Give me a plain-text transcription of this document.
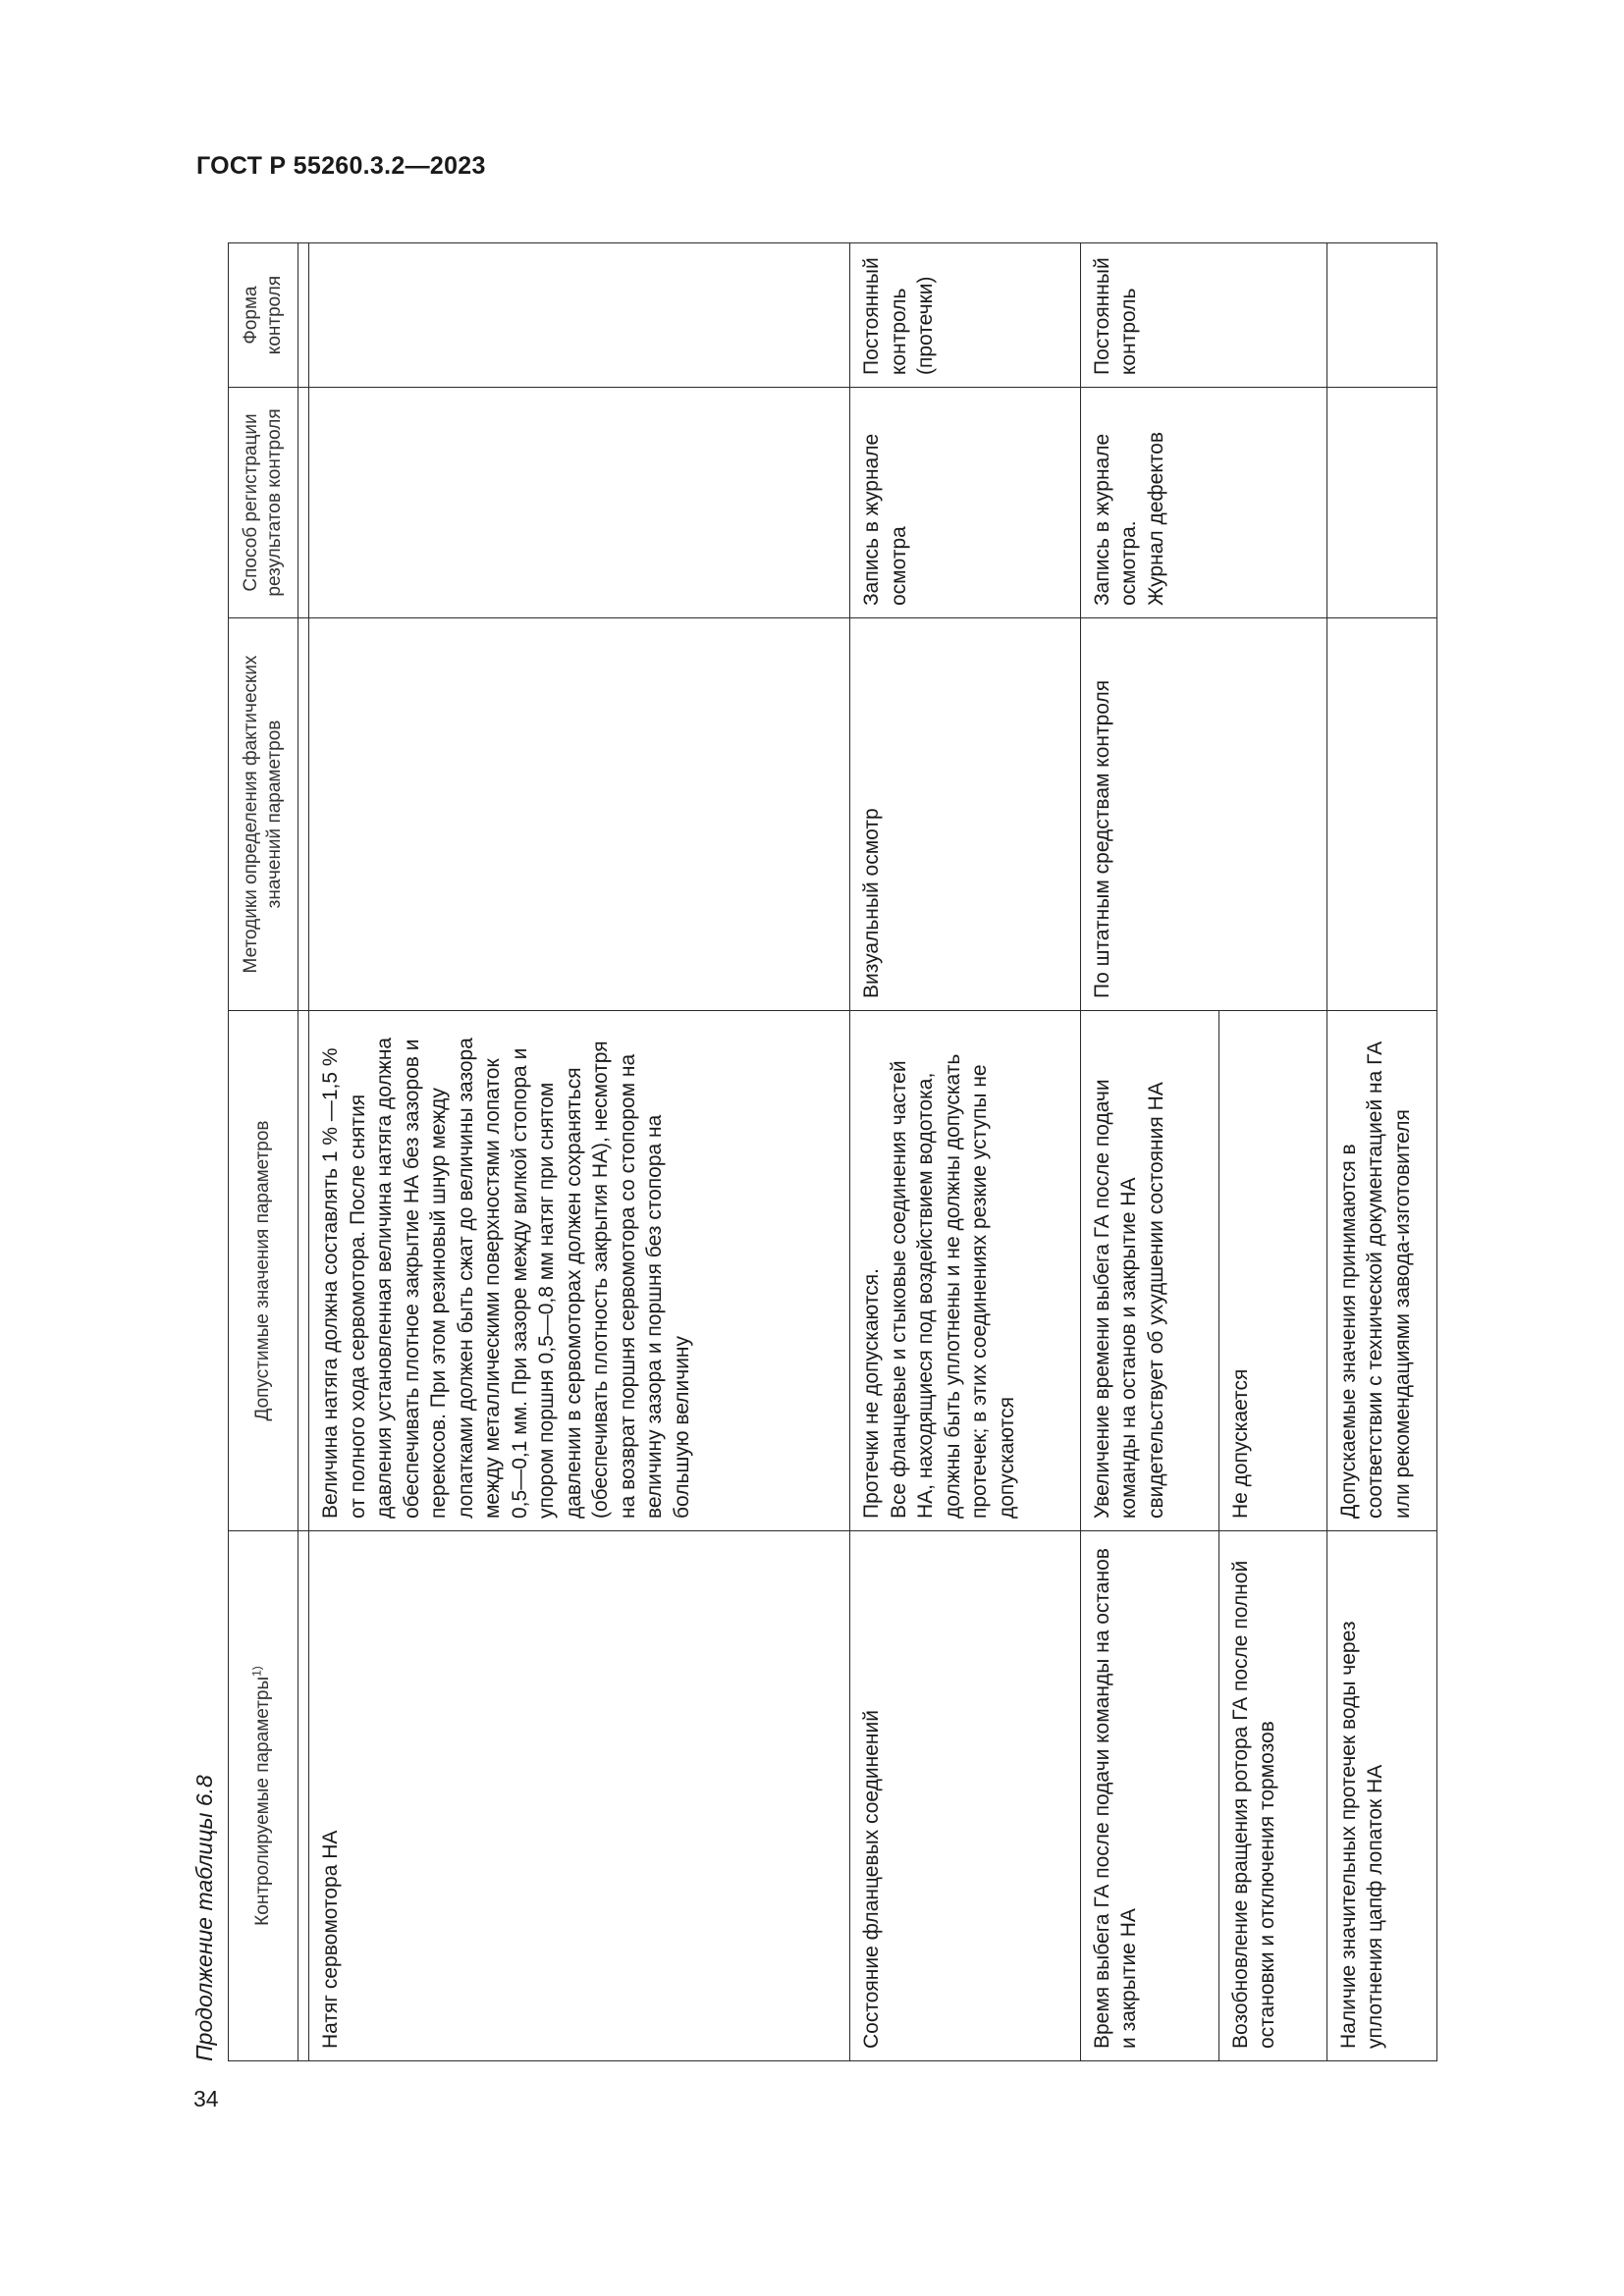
ГОСТ Р 55260.3.2—2023
34
Продолжение таблицы 6.8 Контролируемые параметры$^{1)}$	Допустимые значения параметров	Методики определения фактических значений параметров	Способ регистрации результатов контроля	Форма контроля

Натяг сервомотора НА	Величина натяга должна составлять 1 % —1,5 % от полного хода сервомотора. После снятия давления установленная величина натяга должна обеспечивать плотное закрытие НА без зазоров и перекосов. При этом резиновый шнур между лопатками должен быть сжат до величины зазора между металлическими поверхностями лопаток 0,5—0,1 мм. При зазоре между вилкой стопора и упором поршня 0,5—0,8 мм натяг при снятом давлении в сервомоторах должен сохраняться (обеспечивать плотность закрытия НА), несмотря на возврат поршня сервомотора со стопором на величину зазора и поршня без стопора на большую величину			

Состояние фланцевых соединений	Протечки не допускаются. Все фланцевые и стыковые соединения частей НА, находящиеся под воздействием водотока, должны быть уплотнены и не должны допускать протечек; в этих соединениях резкие уступы не допускаются	Визуальный осмотр	Запись в журнале осмотра	Постоянный контроль (протечки)
Время выбега ГА после подачи команды на останов и закрытие НА	Увеличение времени выбега ГА после подачи команды на останов и закрытие НА свидетельствует об ухудшении состояния НА	По штатным средствам контроля	Запись в журнале осмотра. Журнал дефектов	Постоянный контроль
Возобновление вращения ротора ГА после полной остановки и отключения тормозов	Не допускается			
Наличие значительных протечек воды через уплотнения цапф лопаток НА	Допускаемые значения принимаются в соответствии с технической документацией на ГА или рекомендациями завода-изготовителя			
